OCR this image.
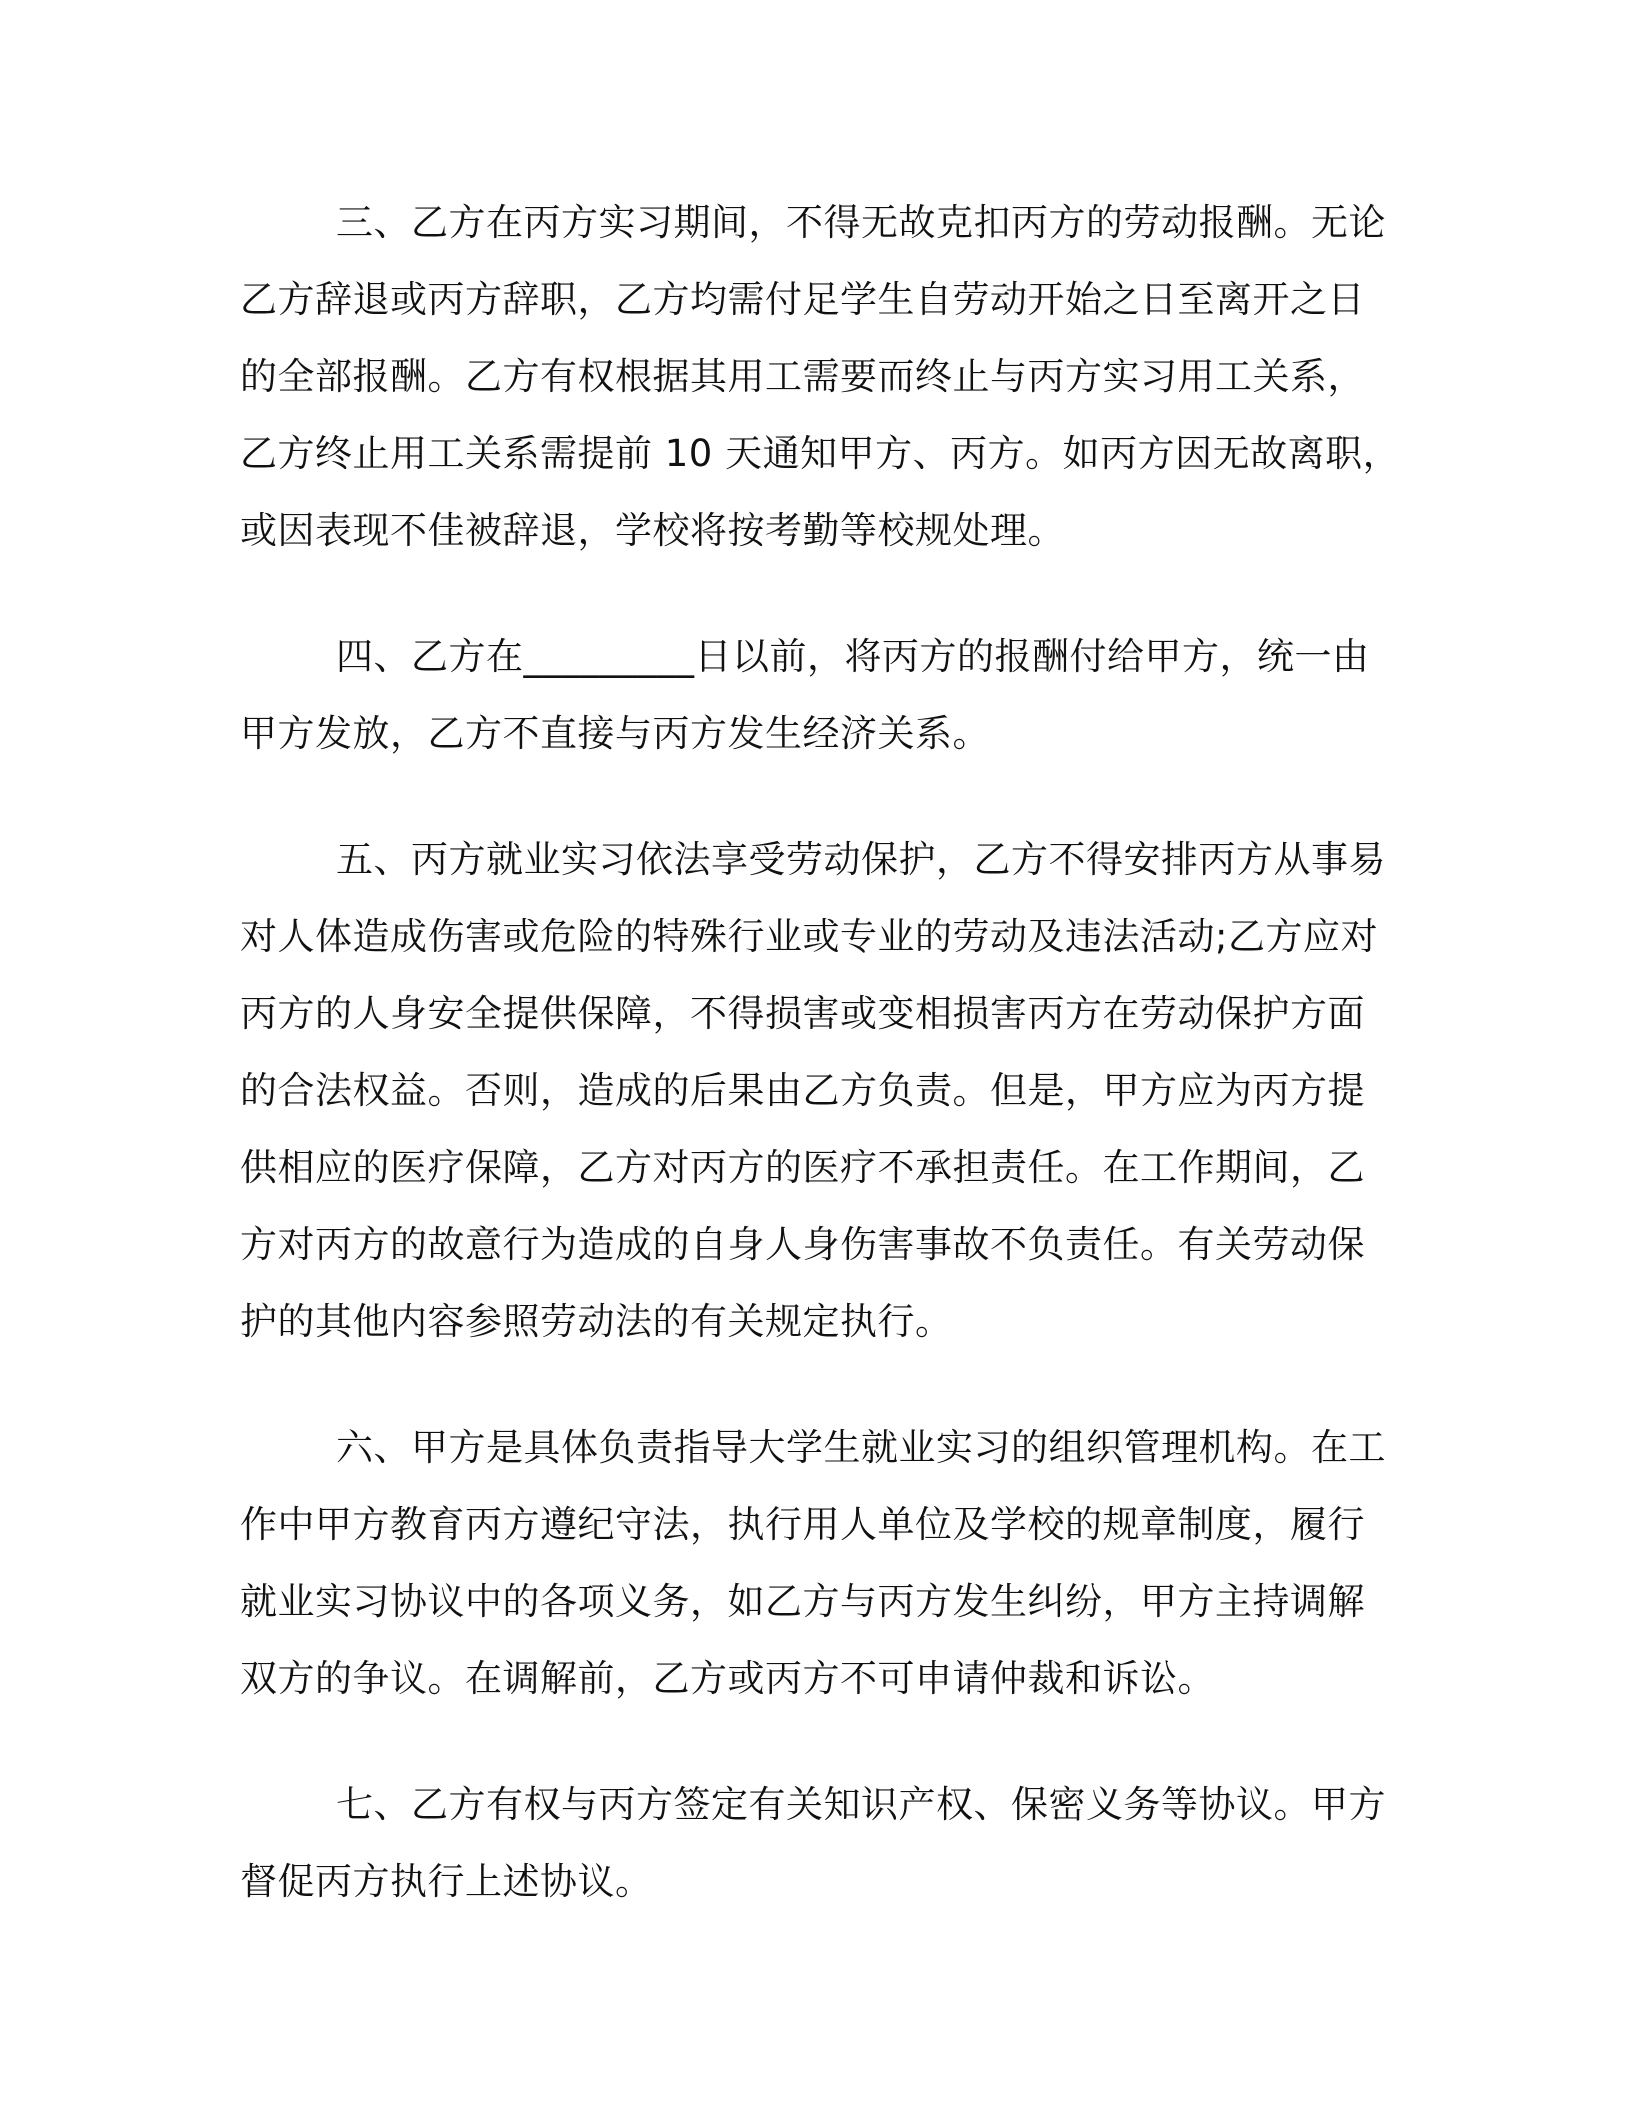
三、乙方在丙方实习期间，不得无故克扣丙方的劳动报酬。无论
乙方辞退或丙方辞职，乙方均需付足学生自劳动开始之日至离开之日
的全部报酬。乙方有权根据其用工需要而终止与丙方实习用工关系，
乙方终止用工关系需提前 10 天通知甲方、丙方。如丙方因无故离职，
或因表现不佳被辞退，学校将按考勤等校规处理。
四、乙方在_________日以前，将丙方的报酬付给甲方，统一由
甲方发放，乙方不直接与丙方发生经济关系。
五、丙方就业实习依法享受劳动保护，乙方不得安排丙方从事易
对人体造成伤害或危险的特殊行业或专业的劳动及违法活动;乙方应对
丙方的人身安全提供保障，不得损害或变相损害丙方在劳动保护方面
的合法权益。否则，造成的后果由乙方负责。但是，甲方应为丙方提
供相应的医疗保障，乙方对丙方的医疗不承担责任。在工作期间，乙
方对丙方的故意行为造成的自身人身伤害事故不负责任。有关劳动保
护的其他内容参照劳动法的有关规定执行。
六、甲方是具体负责指导大学生就业实习的组织管理机构。在工
作中甲方教育丙方遵纪守法，执行用人单位及学校的规章制度，履行
就业实习协议中的各项义务，如乙方与丙方发生纠纷，甲方主持调解
双方的争议。在调解前，乙方或丙方不可申请仲裁和诉讼。
七、乙方有权与丙方签定有关知识产权、保密义务等协议。甲方
督促丙方执行上述协议。
